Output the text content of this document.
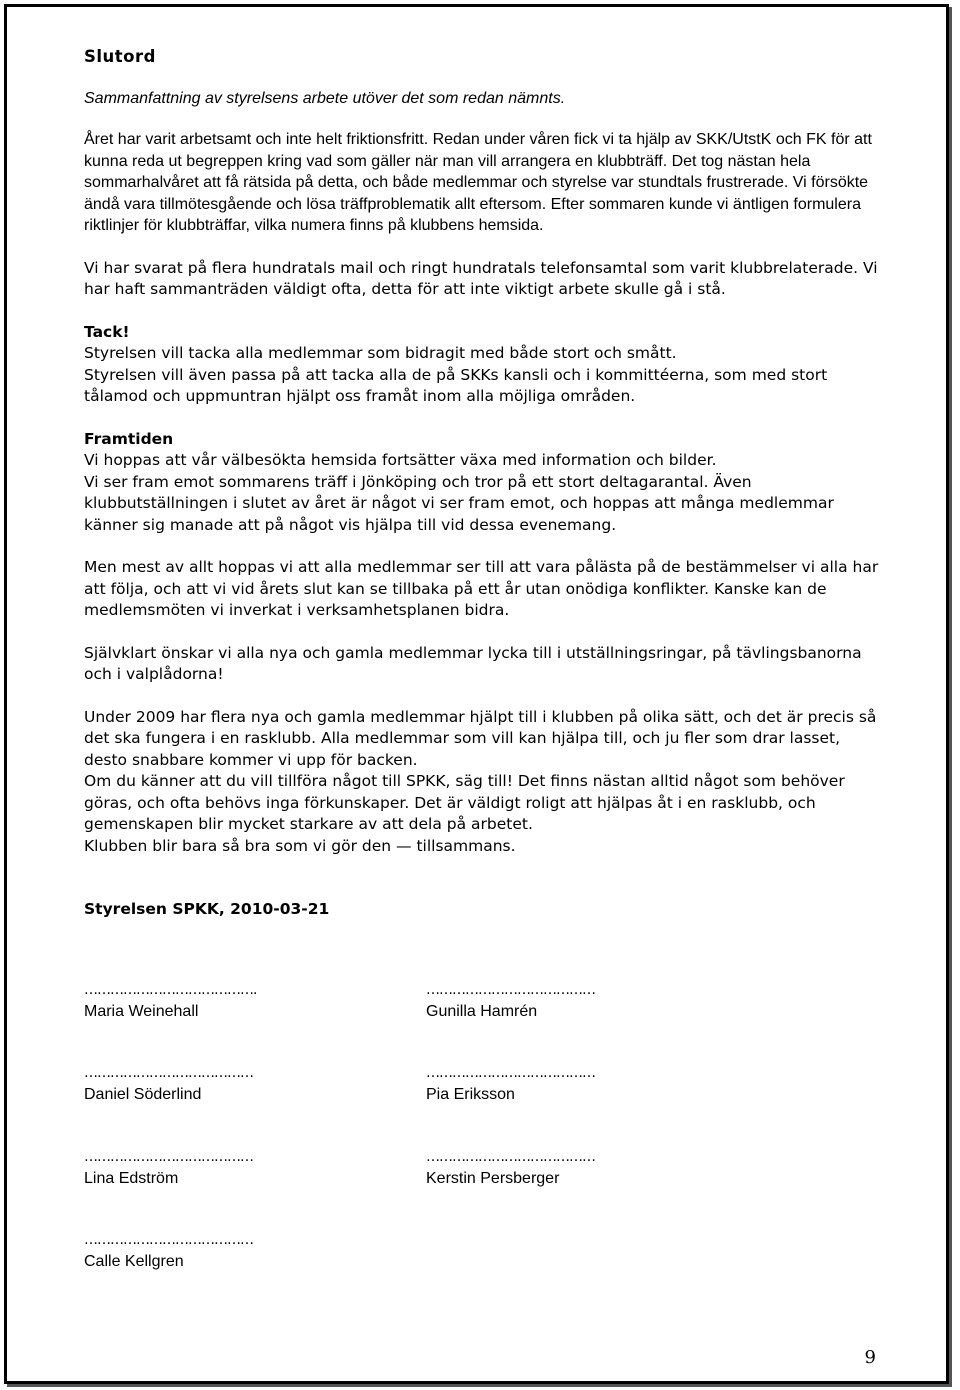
Slutord

Sammanfattning av styrelsens arbete utöver det som redan nämnts.

Året har varit arbetsamt och inte helt friktionsfritt. Redan under våren fick vi ta hjälp av SKK/UtstK och FK för att kunna reda ut begreppen kring vad som gäller när man vill arrangera en klubbträff. Det tog nästan hela sommarhalvåret att få rätsida på detta, och både medlemmar och styrelse var stundtals frustrerade. Vi försökte ändå vara tillmötesgående och lösa träffproblematik allt eftersom. Efter sommaren kunde vi äntligen formulera riktlinjer för klubbträffar, vilka numera finns på klubbens hemsida.

Vi har svarat på flera hundratals mail och ringt hundratals telefonsamtal som varit klubbrelaterade. Vi har haft sammanträden väldigt ofta, detta för att inte viktigt arbete skulle gå i stå.

Tack!

Styrelsen vill tacka alla medlemmar som bidragit med både stort och smått.

Styrelsen vill även passa på att tacka alla de på SKKs kansli och i kommittéerna, som med stort tålamod och uppmuntran hjälpt oss framåt inom alla möjliga områden.

Framtiden

Vi hoppas att vår välbesökta hemsida fortsätter växa med information och bilder.

Vi ser fram emot sommarens träff i Jönköping och tror på ett stort deltagarantal. Även klubbutställningen i slutet av året är något vi ser fram emot, och hoppas att många medlemmar känner sig manade att på något vis hjälpa till vid dessa evenemang.

Men mest av allt hoppas vi att alla medlemmar ser till att vara pålästa på de bestämmelser vi alla har att följa, och att vi vid årets slut kan se tillbaka på ett år utan onödiga konflikter. Kanske kan de medlemsmöten vi inverkat i verksamhetsplanen bidra.

Självklart önskar vi alla nya och gamla medlemmar lycka till i utställningsringar, på tävlingsbanorna och i valplådorna!

Under 2009 har flera nya och gamla medlemmar hjälpt till i klubben på olika sätt, och det är precis så det ska fungera i en rasklubb. Alla medlemmar som vill kan hjälpa till, och ju fler som drar lasset, desto snabbare kommer vi upp för backen.

Om du känner att du vill tillföra något till SPKK, säg till! Det finns nästan alltid något som behöver göras, och ofta behövs inga förkunskaper. Det är väldigt roligt att hjälpas åt i en rasklubb, och gemenskapen blir mycket starkare av att dela på arbetet.

Klubben blir bara så bra som vi gör den — tillsammans.

Styrelsen SPKK, 2010-03-21

………………………………….
Maria Weinehall
…………………………………
Gunilla Hamrén
…………………………………
Daniel Söderlind
…………………………………
Pia Eriksson
…………………………………
Lina Edström
…………………………………
Kerstin Persberger
…………………………………
Calle Kellgren
9
